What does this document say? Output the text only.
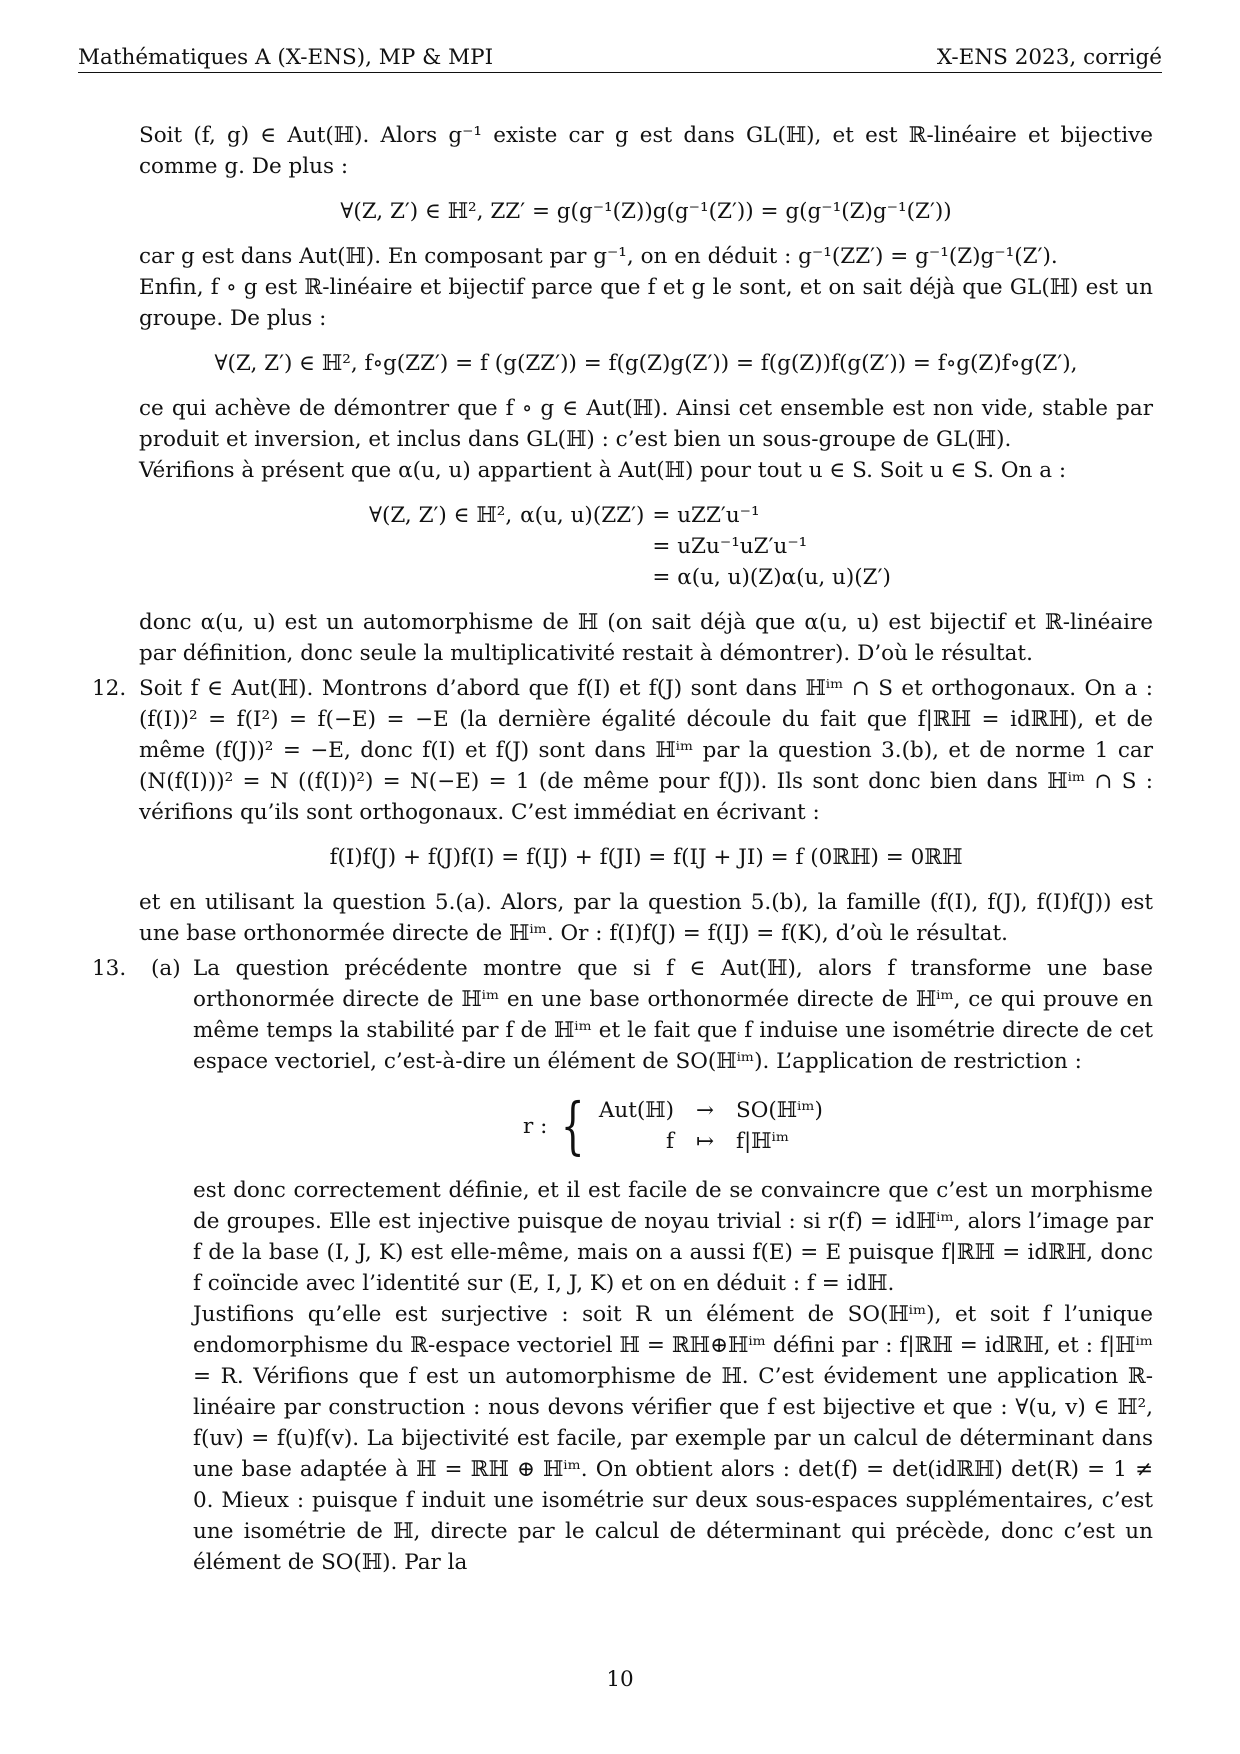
Mathématiques A (X-ENS), MP & MPI	X-ENS 2023, corrigé

Soit (f, g) ∈ Aut(ℍ). Alors g⁻¹ existe car g est dans GL(ℍ), et est ℝ-linéaire et bijective comme g. De plus :

∀(Z, Z′) ∈ ℍ², ZZ′ = g(g⁻¹(Z))g(g⁻¹(Z′)) = g(g⁻¹(Z)g⁻¹(Z′))

car g est dans Aut(ℍ). En composant par g⁻¹, on en déduit : g⁻¹(ZZ′) = g⁻¹(Z)g⁻¹(Z′).

Enfin, f ∘ g est ℝ-linéaire et bijectif parce que f et g le sont, et on sait déjà que GL(ℍ) est un groupe. De plus :

∀(Z, Z′) ∈ ℍ², f∘g(ZZ′) = f (g(ZZ′)) = f(g(Z)g(Z′)) = f(g(Z))f(g(Z′)) = f∘g(Z)f∘g(Z′),

ce qui achève de démontrer que f ∘ g ∈ Aut(ℍ). Ainsi cet ensemble est non vide, stable par produit et inversion, et inclus dans GL(ℍ) : c’est bien un sous-groupe de GL(ℍ).

Vérifions à présent que α(u, u) appartient à Aut(ℍ) pour tout u ∈ S. Soit u ∈ S. On a :

∀(Z, Z′) ∈ ℍ²,	α(u, u)(ZZ′)	= uZZ′u⁻¹
		= uZu⁻¹uZ′u⁻¹
		= α(u, u)(Z)α(u, u)(Z′)

donc α(u, u) est un automorphisme de ℍ (on sait déjà que α(u, u) est bijectif et ℝ-linéaire par définition, donc seule la multiplicativité restait à démontrer). D’où le résultat.

12. Soit f ∈ Aut(ℍ). Montrons d’abord que f(I) et f(J) sont dans ℍⁱᵐ ∩ S et orthogonaux. On a : (f(I))² = f(I²) = f(−E) = −E (la dernière égalité découle du fait que f|ℝℍ = idℝℍ), et de même (f(J))² = −E, donc f(I) et f(J) sont dans ℍⁱᵐ par la question 3.(b), et de norme 1 car (N(f(I)))² = N ((f(I))²) = N(−E) = 1 (de même pour f(J)). Ils sont donc bien dans ℍⁱᵐ ∩ S : vérifions qu’ils sont orthogonaux. C’est immédiat en écrivant :

f(I)f(J) + f(J)f(I) = f(IJ) + f(JI) = f(IJ + JI) = f (0ℝℍ) = 0ℝℍ

et en utilisant la question 5.(a). Alors, par la question 5.(b), la famille (f(I), f(J), f(I)f(J)) est une base orthonormée directe de ℍⁱᵐ. Or : f(I)f(J) = f(IJ) = f(K), d’où le résultat.

13. (a) La question précédente montre que si f ∈ Aut(ℍ), alors f transforme une base orthonormée directe de ℍⁱᵐ en une base orthonormée directe de ℍⁱᵐ, ce qui prouve en même temps la stabilité par f de ℍⁱᵐ et le fait que f induise une isométrie directe de cet espace vectoriel, c’est-à-dire un élément de SO(ℍⁱᵐ). L’application de restriction :

r : { Aut(ℍ) → SO(ℍⁱᵐ)
f ↦ f|ℍⁱᵐ

est donc correctement définie, et il est facile de se convaincre que c’est un morphisme de groupes. Elle est injective puisque de noyau trivial : si r(f) = idℍⁱᵐ, alors l’image par f de la base (I, J, K) est elle-même, mais on a aussi f(E) = E puisque f|ℝℍ = idℝℍ, donc f coïncide avec l’identité sur (E, I, J, K) et on en déduit : f = idℍ.

Justifions qu’elle est surjective : soit R un élément de SO(ℍⁱᵐ), et soit f l’unique endomorphisme du ℝ-espace vectoriel ℍ = ℝℍ⊕ℍⁱᵐ défini par : f|ℝℍ = idℝℍ, et : f|ℍⁱᵐ = R. Vérifions que f est un automorphisme de ℍ. C’est évidement une application ℝ-linéaire par construction : nous devons vérifier que f est bijective et que : ∀(u, v) ∈ ℍ², f(uv) = f(u)f(v). La bijectivité est facile, par exemple par un calcul de déterminant dans une base adaptée à ℍ = ℝℍ ⊕ ℍⁱᵐ. On obtient alors : det(f) = det(idℝℍ) det(R) = 1 ≠ 0. Mieux : puisque f induit une isométrie sur deux sous-espaces supplémentaires, c’est une isométrie de ℍ, directe par le calcul de déterminant qui précède, donc c’est un élément de SO(ℍ). Par la

10
